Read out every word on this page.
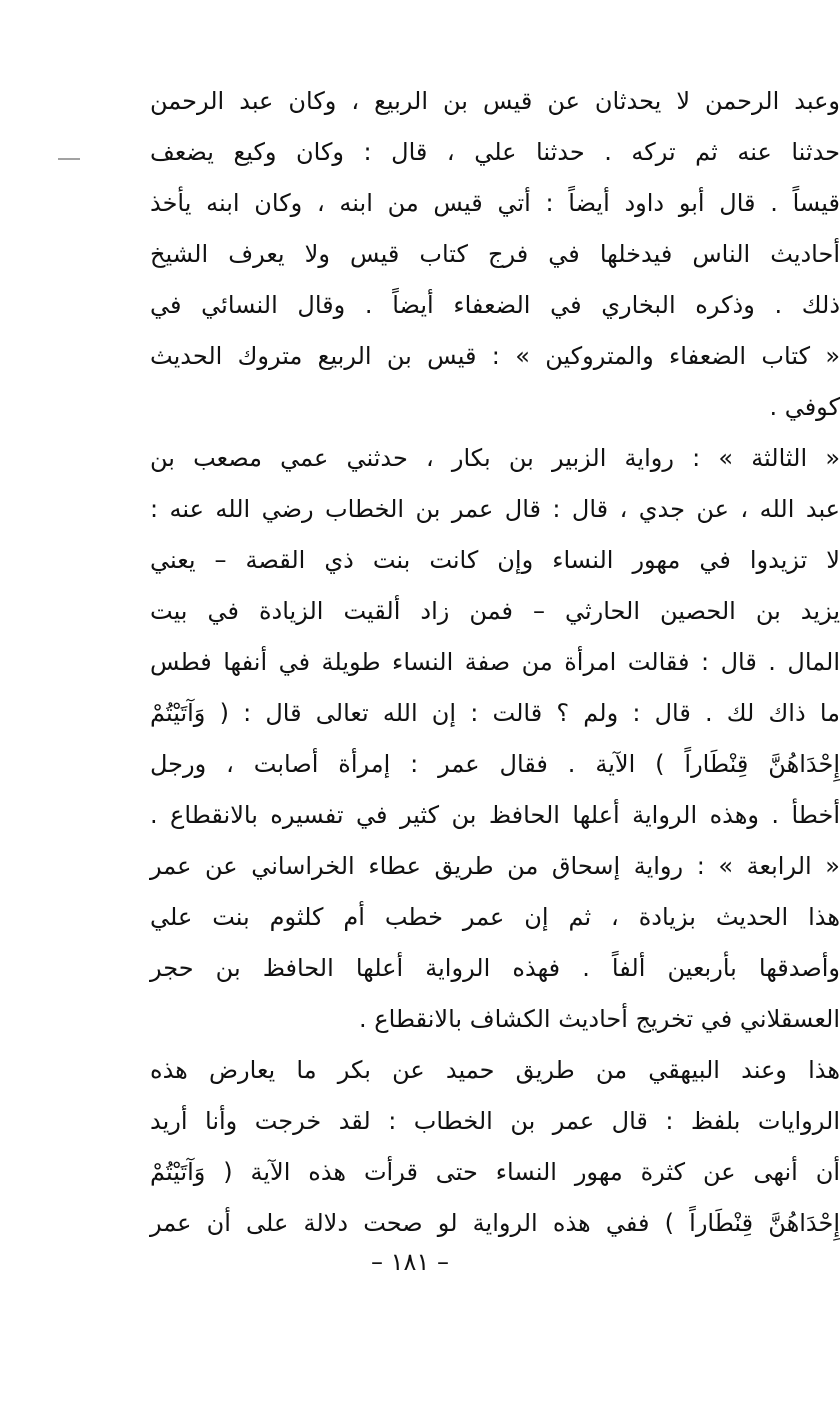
وعبد الرحمن لا يحدثان عن قيس بن الربيع ، وكان عبد الرحمن
حدثنا عنه ثم تركه . حدثنا علي ، قال : وكان وكيع يضعف
قيساً . قال أبو داود أيضاً : أتي قيس من ابنه ، وكان ابنه يأخذ
أحاديث الناس فيدخلها في فرج كتاب قيس ولا يعرف الشيخ
ذلك . وذكره البخاري في الضعفاء أيضاً . وقال النسائي في
« كتاب الضعفاء والمتروكين » : قيس بن الربيع متروك الحديث
كوفي .
« الثالثة » : رواية الزبير بن بكار ، حدثني عمي مصعب بن
عبد الله ، عن جدي ، قال : قال عمر بن الخطاب رضي الله عنه :
لا تزيدوا في مهور النساء وإن كانت بنت ذي القصة – يعني
يزيد بن الحصين الحارثي – فمن زاد ألقيت الزيادة في بيت
المال . قال : فقالت امرأة من صفة النساء طويلة في أنفها فطس
ما ذاك لك . قال : ولم ؟ قالت : إن الله تعالى قال : ( وَآتَيْتُمْ
إِحْدَاهُنَّ قِنْطَاراً ) الآية . فقال عمر : إمرأة أصابت ، ورجل
أخطأ . وهذه الرواية أعلها الحافظ بن كثير في تفسيره بالانقطاع .
« الرابعة » : رواية إسحاق من طريق عطاء الخراساني عن عمر
هذا الحديث بزيادة ، ثم إن عمر خطب أم كلثوم بنت علي
وأصدقها بأربعين ألفاً . فهذه الرواية أعلها الحافظ بن حجر
العسقلاني في تخريج أحاديث الكشاف بالانقطاع .
هذا وعند البيهقي من طريق حميد عن بكر ما يعارض هذه
الروايات بلفظ : قال عمر بن الخطاب : لقد خرجت وأنا أريد
أن أنهى عن كثرة مهور النساء حتى قرأت هذه الآية ( وَآتَيْتُمْ
إِحْدَاهُنَّ قِنْطَاراً ) ففي هذه الرواية لو صحت دلالة على أن عمر
– ١٨١ –
